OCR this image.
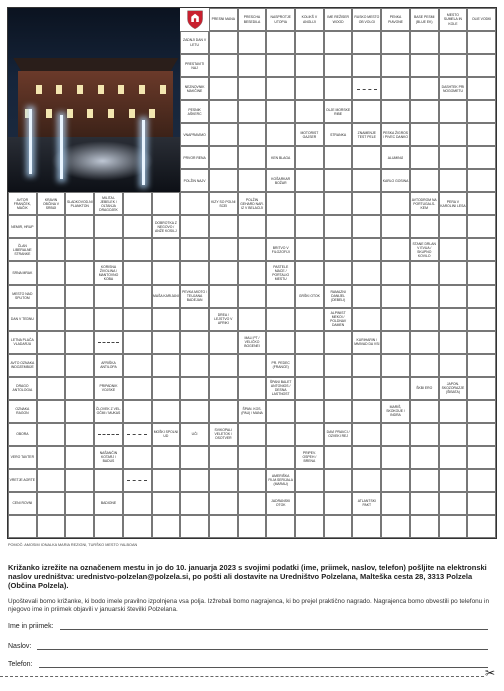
PRESNI MANA
PRESCHA BESEDILA
NASPROTJE UTOPIA
KOLIKŠ V ANGLIJI
IME REŽISER WOOD
RUSKO MESTO OB VOLGI
PENKA PIAVONE
BASE PESMI (BLUE EK)
MESTO SUMELA IN KOLE
OLIE VODKI
ZADNJI DAN V LETU
PRESTAVITI NAJ
NEZNOVNIK MAKČINE
DASHTEK PRI NOGOMETU
PESNIK AŠKERC
OLJE MORSKE RIBE
VNAPRAVIMO
MOTORIST GAJSER
STRANKA
ZNAMENJE TEST PELE
PESKA ŽIGROS / PIVEC DANKO
PRVOR RENA	KEN BLAGA	ALUMINIJ
POLŽIN NAJV
KOŠARKAR BOŽAR
KARLO GOSINA
AVTOR FRANČEK, MAČIK
KRAVIN OBČINA V SRBIJI
SLADKOVOD-NI PLANKTON
MILITAI-JEBELEK / OLTANJA DRAGOJEK
KIZY SO POLNI SCEI
POLŽIN GEHARD NAR. IZ V BELACIJI
AVTODROM NA PORTUGALS-KEM
PERA V KAROLINI LESA
NEMIR, HRUP
DOBROTKA Z NEGOVO / ANŽE KOSILJ
ČLAN LIBERALNE STRANKE
BRITVO V FILOZOFIJI
STANE DRLAN V EVUA / SKUPNO KOVILO
SRNA MRAK
KORISNA ŽIVOLINA / MANTOVNO KOBA
PASTELE MACE / PORTALIO MESTU
MESTO NAD SPLITOM
MAŠA KARIJANI
PEVKA MIOTO / TEUJANA BADEJAN
GRŠKI OTOK
RAMAZNI DANIJEL (DEBELI)
DAN V TEDNU
DREA / LEJSTVO V AFRIKI
ALPINIST MEKOI / POLDNAV DAMEN
LETNA PLAČA VLADARJU
MALI PT / VELIČKO BOGENEI
KURIHARIN / MMIVAD DA VSI
AVTO OZNAKA INDOZEMBIJE
AFRIŠKA ANTILOPA
PR. PEDEC (FRANCE)
DRAGO ANTOLOGIA
PRIPADNIK VOJSKE
ŠPANI BALET ANTONIOS / DESNA LASTNOST
ŠKBI ERO
JAPON. SKOZORAZJE (ŠIBATA)
OZNAKA RAGON
ČLOVEK Z VEL. OČMI / MUKAS
ŠPAN. KOS. (PAU) / MANA
MARIŠ, SKOKOUE / INDRA
OBORA
MOŠKI SPOLNI UD
UČI
SVIKOPALI VELETOK / OSOTVER
DAVI PRAVCI / OZVEKI REJ
VERO TAVTER
NAŠANČIN KOTARJ / BADUS
PRIPEV. OSPEH / BRENA
VRETJE AORTE
AMERIŠKA FILM.SERIJALA (MARAU)
CENI ROVNI	BADIONE
JADRANSKI OTOK
ATLANTSKI PAKT
POMOČ: AMOSIM IONALKA MARIA REZIGNI, TURŠKO MESTO YALBOAN
Križanko izrežite na označenem mestu in jo do 10. januarja 2023 s svojimi podatki (ime, priimek, naslov, telefon) pošljite na elektronski naslov uredništva: urednistvo-polzelan@polzela.si, po pošti ali dostavite na Uredništvo Polzelana, Malteška cesta 28, 3313 Polzela (Občina Polzela).
Upoštevali bomo križanke, ki bodo imele pravilno izpolnjena vsa polja. Izžrebali bomo nagrajenca, ki bo prejel praktično nagrado. Nagrajenca bomo obvestili po telefonu in njegovo ime in priimek objavili v januarski številki Polzelana.
Ime in priimek:
Naslov:
Telefon:
✂
